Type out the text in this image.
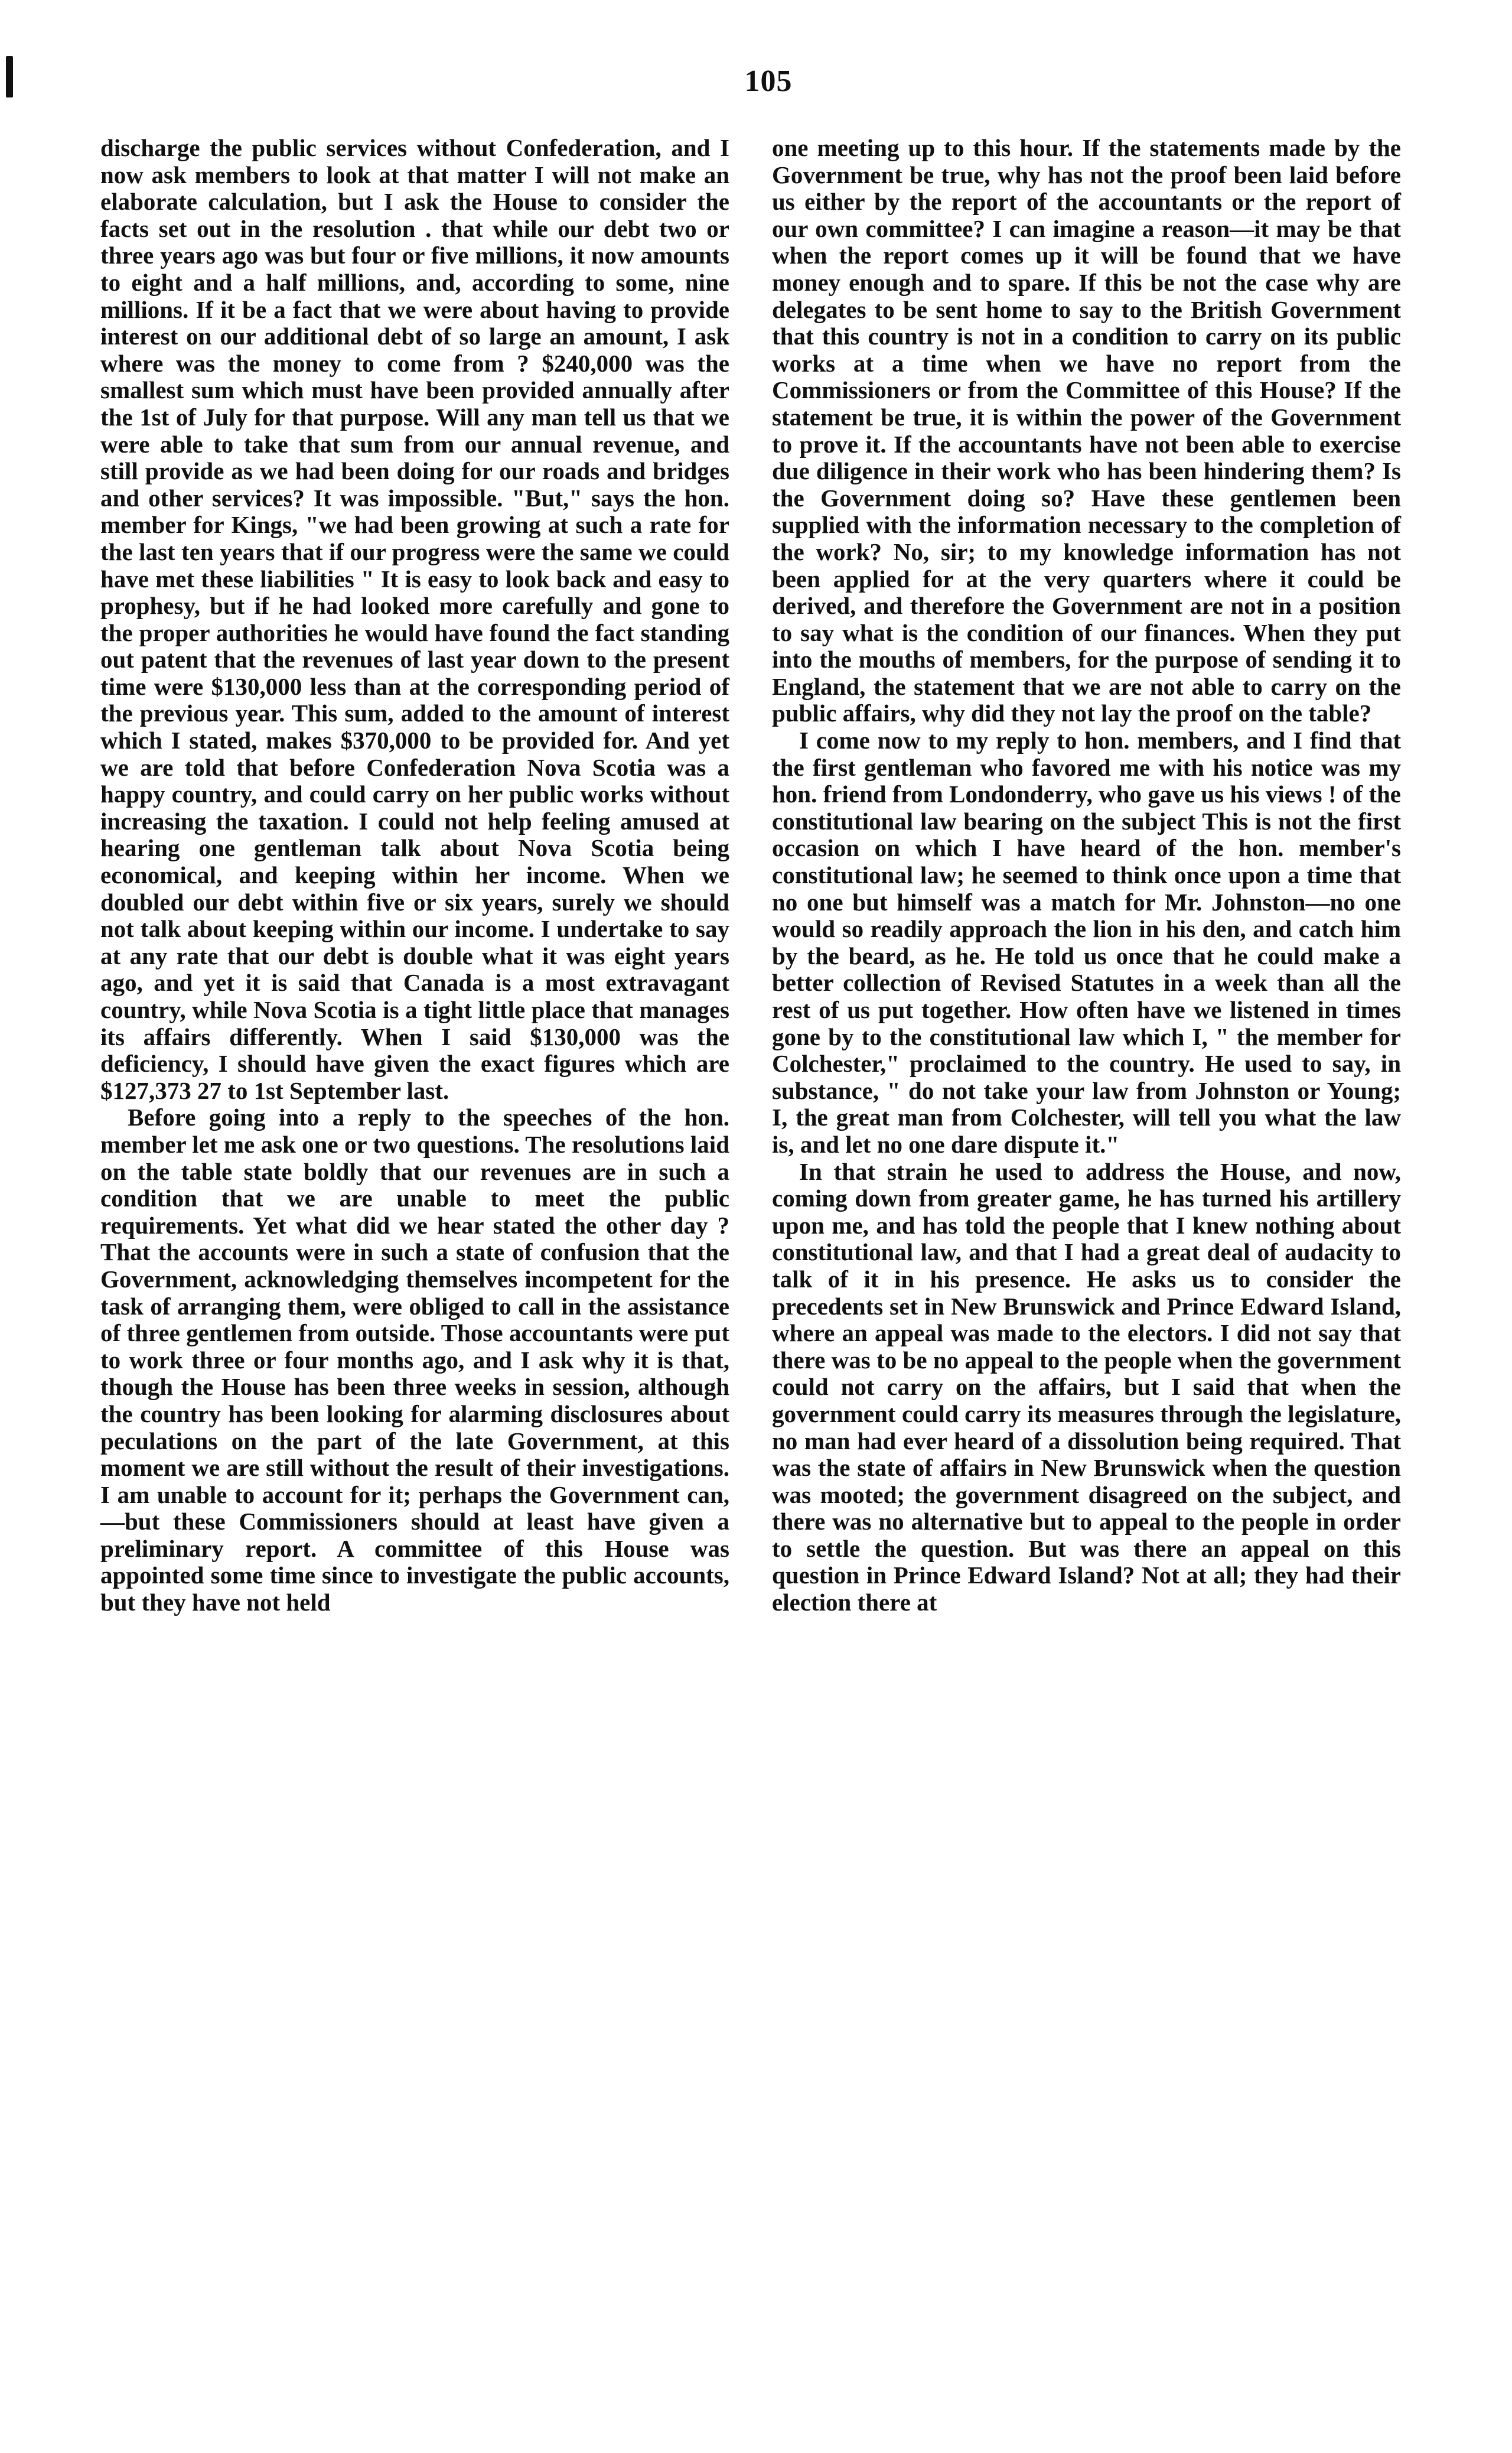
105

discharge the public services without Confederation, and I now ask members to look at that matter I will not make an elaborate calculation, but I ask the House to consider the facts set out in the resolution . that while our debt two or three years ago was but four or five millions, it now amounts to eight and a half millions, and, according to some, nine millions. If it be a fact that we were about having to provide interest on our additional debt of so large an amount, I ask where was the money to come from ? $240,000 was the smallest sum which must have been provided annually after the 1st of July for that purpose. Will any man tell us that we were able to take that sum from our annual revenue, and still provide as we had been doing for our roads and bridges and other services? It was impossible. "But," says the hon. member for Kings, "we had been growing at such a rate for the last ten years that if our progress were the same we could have met these liabilities " It is easy to look back and easy to prophesy, but if he had looked more carefully and gone to the proper authorities he would have found the fact standing out patent that the revenues of last year down to the present time were $130,000 less than at the corresponding period of the previous year. This sum, added to the amount of interest which I stated, makes $370,000 to be provided for. And yet we are told that before Confederation Nova Scotia was a happy country, and could carry on her public works without increasing the taxation. I could not help feeling amused at hearing one gentleman talk about Nova Scotia being economical, and keeping within her income. When we doubled our debt within five or six years, surely we should not talk about keeping within our income. I undertake to say at any rate that our debt is double what it was eight years ago, and yet it is said that Canada is a most extravagant country, while Nova Scotia is a tight little place that manages its affairs differently. When I said $130,000 was the deficiency, I should have given the exact figures which are $127,373 27 to 1st September last.

Before going into a reply to the speeches of the hon. member let me ask one or two questions. The resolutions laid on the table state boldly that our revenues are in such a condition that we are unable to meet the public requirements. Yet what did we hear stated the other day ? That the accounts were in such a state of confusion that the Government, acknowledging themselves incompetent for the task of arranging them, were obliged to call in the assistance of three gentlemen from outside. Those accountants were put to work three or four months ago, and I ask why it is that, though the House has been three weeks in session, although the country has been looking for alarming disclosures about peculations on the part of the late Government, at this moment we are still without the result of their investigations. I am unable to account for it; perhaps the Government can,—but these Commissioners should at least have given a preliminary report. A committee of this House was appointed some time since to investigate the public accounts, but they have not held

one meeting up to this hour. If the statements made by the Government be true, why has not the proof been laid before us either by the report of the accountants or the report of our own committee? I can imagine a reason—it may be that when the report comes up it will be found that we have money enough and to spare. If this be not the case why are delegates to be sent home to say to the British Government that this country is not in a condition to carry on its public works at a time when we have no report from the Commissioners or from the Committee of this House? If the statement be true, it is within the power of the Government to prove it. If the accountants have not been able to exercise due diligence in their work who has been hindering them? Is the Government doing so? Have these gentlemen been supplied with the information necessary to the completion of the work? No, sir; to my knowledge information has not been applied for at the very quarters where it could be derived, and therefore the Government are not in a position to say what is the condition of our finances. When they put into the mouths of members, for the purpose of sending it to England, the statement that we are not able to carry on the public affairs, why did they not lay the proof on the table?

I come now to my reply to hon. members, and I find that the first gentleman who favored me with his notice was my hon. friend from Londonderry, who gave us his views ! of the constitutional law bearing on the subject This is not the first occasion on which I have heard of the hon. member's constitutional law; he seemed to think once upon a time that no one but himself was a match for Mr. Johnston—no one would so readily approach the lion in his den, and catch him by the beard, as he. He told us once that he could make a better collection of Revised Statutes in a week than all the rest of us put together. How often have we listened in times gone by to the constitutional law which I, " the member for Colchester," proclaimed to the country. He used to say, in substance, " do not take your law from Johnston or Young; I, the great man from Colchester, will tell you what the law is, and let no one dare dispute it."

In that strain he used to address the House, and now, coming down from greater game, he has turned his artillery upon me, and has told the people that I knew nothing about constitutional law, and that I had a great deal of audacity to talk of it in his presence. He asks us to consider the precedents set in New Brunswick and Prince Edward Island, where an appeal was made to the electors. I did not say that there was to be no appeal to the people when the government could not carry on the affairs, but I said that when the government could carry its measures through the legislature, no man had ever heard of a dissolution being required. That was the state of affairs in New Brunswick when the question was mooted; the government disagreed on the subject, and there was no alternative but to appeal to the people in order to settle the question. But was there an appeal on this question in Prince Edward Island? Not at all; they had their election there at
